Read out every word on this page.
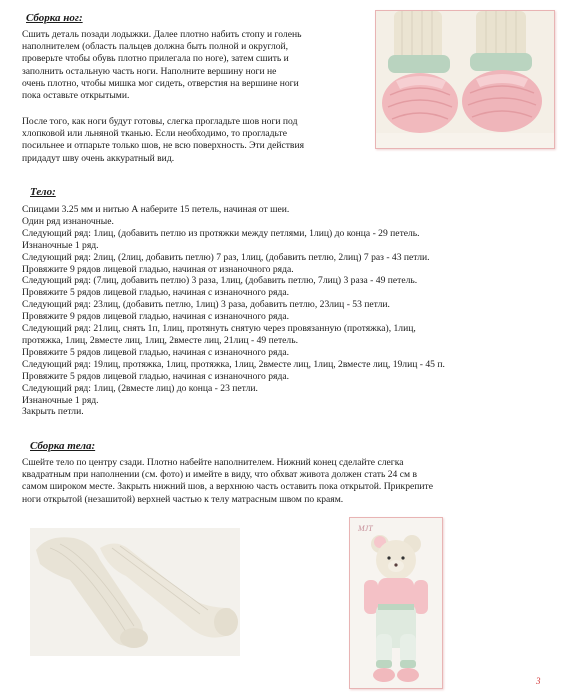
Сборка ног:
Сшить деталь позади лодыжки. Далее плотно набить стопу и голень
наполнителем (область пальцев должна быть полной и округлой,
проверьте чтобы обувь плотно прилегала по ноге), затем сшить и
заполнить остальную часть ноги. Наполните вершину ноги не
очень плотно, чтобы мишка мог сидеть, отверстия на вершине ноги
пока оставьте открытыми.
После того, как ноги будут готовы, слегка прогладьте шов ноги под
хлопковой или льняной тканью. Если необходимо, то прогладьте
посильнее и отпарьте только шов, не всю поверхность. Эти действия
придадут шву очень аккуратный вид.
Тело:
Спицами 3.25 мм и нитью А наберите 15 петель, начиная от шеи.
Один ряд изнаночные.
Следующий ряд: 1лиц, (добавить петлю из протяжки между петлями, 1лиц) до конца - 29 петель.
Изнаночные 1 ряд.
Следующий ряд: 2лиц, (2лиц, добавить петлю) 7 раз, 1лиц, (добавить петлю, 2лиц) 7 раз - 43 петли.
Провяжите 9 рядов лицевой гладью, начиная от изнаночного ряда.
Следующий ряд: (7лиц, добавить петлю) 3 раза, 1лиц, (добавить петлю, 7лиц) 3 раза - 49 петель.
Провяжите 5 рядов лицевой гладью, начиная с изнаночного ряда.
Следующий ряд: 23лиц, (добавить петлю, 1лиц) 3 раза, добавить петлю, 23лиц - 53 петли.
Провяжите 9 рядов лицевой гладью, начиная с изнаночного ряда.
Следующий ряд: 21лиц, снять 1п, 1лиц, протянуть снятую через провязанную (протяжка), 1лиц,
протяжка, 1лиц, 2вместе лиц, 1лиц, 2вместе лиц, 21лиц - 49 петель.
Провяжите 5 рядов лицевой гладью, начиная с изнаночного ряда.
Следующий ряд: 19лиц, протяжка, 1лиц, протяжка, 1лиц, 2вместе лиц, 1лиц, 2вместе лиц, 19лиц - 45 п.
Провяжите 5 рядов лицевой гладью, начиная с изнаночного ряда.
Следующий ряд: 1лиц, (2вместе лиц) до конца - 23 петли.
Изнаночные 1 ряд.
Закрыть петли.
Сборка тела:
Сшейте тело по центру сзади. Плотно набейте наполнителем. Нижний конец сделайте слегка
квадратным при наполнении (см. фото) и имейте в виду, что обхват живота должен стать 24 см в
самом широком месте. Закрыть нижний шов, а верхнюю часть оставить пока открытой. Прикрепите
ноги открытой (незашитой) верхней частью к телу матрасным швом по краям.
MJT
3
